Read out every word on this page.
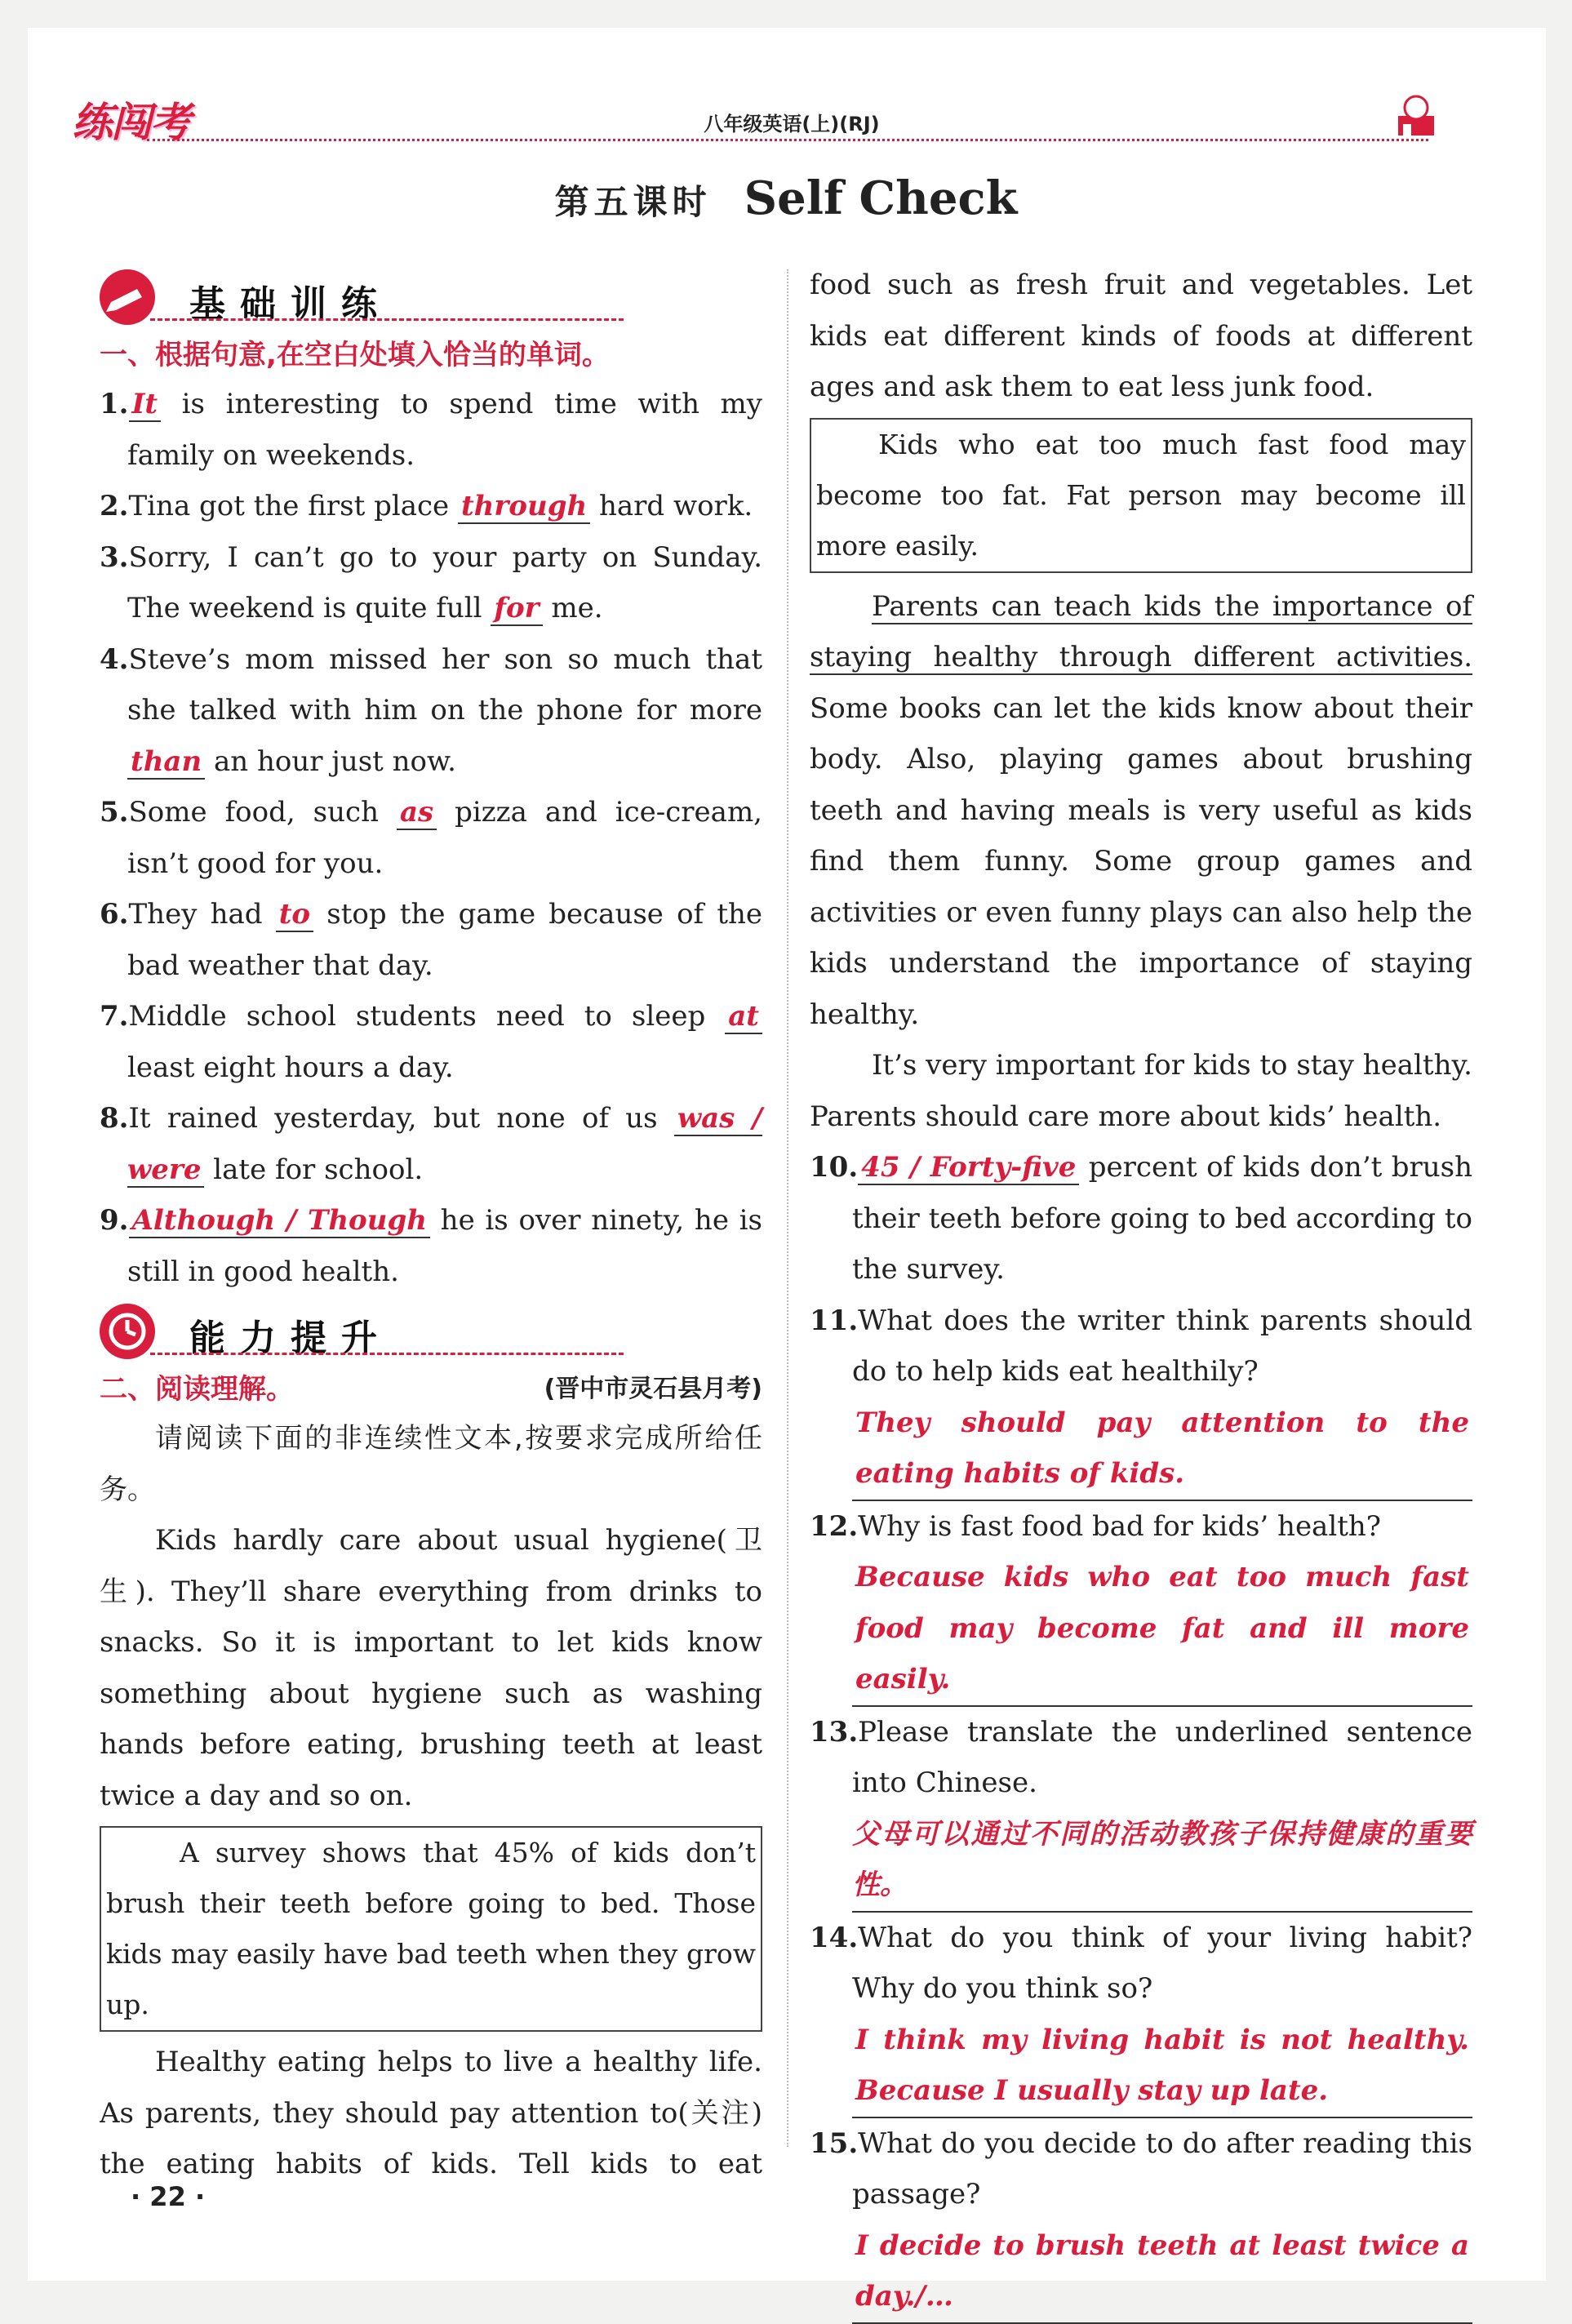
练闯考	八年级英语(上)(RJ)
第五课时 Self Check
基础训练
一、根据句意,在空白处填入恰当的单词。
1. It is interesting to spend time with my family on weekends.
2.Tina got the first place through hard work.
3.Sorry, I can’t go to your party on Sunday. The weekend is quite full for me.
4.Steve’s mom missed her son so much that she talked with him on the phone for more than an hour just now.
5.Some food, such as pizza and ice-cream, isn’t good for you.
6.They had to stop the game because of the bad weather that day.
7.Middle school students need to sleep at least eight hours a day.
8.It rained yesterday, but none of us was / were late for school.
9. Although / Though he is over ninety, he is still in good health.
能力提升
二、阅读理解。	(晋中市灵石县月考)
请阅读下面的非连续性文本,按要求完成所给任务。
Kids hardly care about usual hygiene(卫生). They’ll share everything from drinks to snacks. So it is important to let kids know something about hygiene such as washing hands before eating, brushing teeth at least twice a day and so on.
A survey shows that 45% of kids don’t brush their teeth before going to bed. Those kids may easily have bad teeth when they grow up.
Healthy eating helps to live a healthy life. As parents, they should pay attention to(关注) the eating habits of kids. Tell kids to eat
food such as fresh fruit and vegetables. Let kids eat different kinds of foods at different ages and ask them to eat less junk food.
Kids who eat too much fast food may become too fat. Fat person may become ill more easily.
Parents can teach kids the importance of staying healthy through different activities. Some books can let the kids know about their body. Also, playing games about brushing teeth and having meals is very useful as kids find them funny. Some group games and activities or even funny plays can also help the kids understand the importance of staying healthy.
It’s very important for kids to stay healthy. Parents should care more about kids’ health.
10. 45 / Forty-five percent of kids don’t brush their teeth before going to bed according to the survey.
11.What does the writer think parents should do to help kids eat healthily?
They should pay attention to the eating habits of kids.
12.Why is fast food bad for kids’ health?
Because kids who eat too much fast food may become fat and ill more easily.
13.Please translate the underlined sentence into Chinese.
父母可以通过不同的活动教孩子保持健康的重要性。
14.What do you think of your living habit? Why do you think so?
I think my living habit is not healthy. Because I usually stay up late.
15.What do you decide to do after reading this passage?
I decide to brush teeth at least twice a day./…
· 22 ·
